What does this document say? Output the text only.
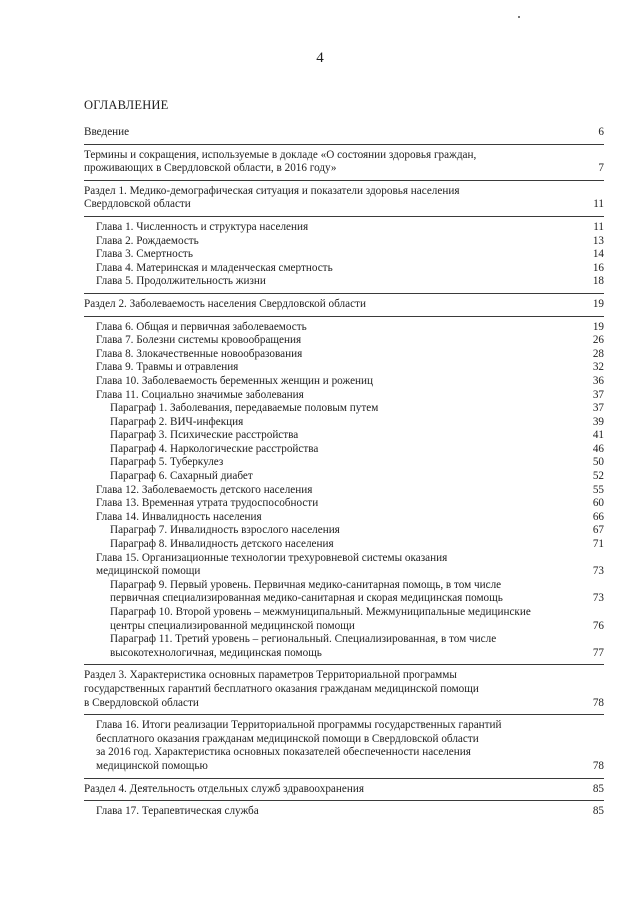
4
ОГЛАВЛЕНИЕ
Введение	6
Термины и сокращения, используемые в докладе «О состоянии здоровья граждан,
проживающих в Свердловской области, в 2016 году»	7
Раздел 1. Медико-демографическая ситуация и показатели здоровья населения
Свердловской области	11
Глава 1. Численность и структура населения	11
Глава 2. Рождаемость	13
Глава 3. Смертность	14
Глава 4. Материнская и младенческая смертность	16
Глава 5. Продолжительность жизни	18
Раздел 2. Заболеваемость населения Свердловской области	19
Глава 6. Общая и первичная заболеваемость	19
Глава 7. Болезни системы кровообращения	26
Глава 8. Злокачественные новообразования	28
Глава 9. Травмы и отравления	32
Глава 10. Заболеваемость беременных женщин и рожениц	36
Глава 11. Социально значимые заболевания	37
Параграф 1. Заболевания, передаваемые половым путем	37
Параграф 2. ВИЧ-инфекция	39
Параграф 3. Психические расстройства	41
Параграф 4. Наркологические расстройства	46
Параграф 5. Туберкулез	50
Параграф 6. Сахарный диабет	52
Глава 12. Заболеваемость детского населения	55
Глава 13. Временная утрата трудоспособности	60
Глава 14. Инвалидность населения	66
Параграф 7. Инвалидность взрослого населения	67
Параграф 8. Инвалидность детского населения	71
Глава 15. Организационные технологии трехуровневой системы оказания
медицинской помощи	73
Параграф 9. Первый уровень. Первичная медико-санитарная помощь, в том числе
первичная специализированная медико-санитарная и скорая медицинская помощь	73
Параграф 10. Второй уровень – межмуниципальный. Межмуниципальные медицинские
центры специализированной медицинской помощи	76
Параграф 11. Третий уровень – региональный. Специализированная, в том числе
высокотехнологичная, медицинская помощь	77
Раздел 3. Характеристика основных параметров Территориальной программы
государственных гарантий бесплатного оказания гражданам медицинской помощи
в Свердловской области	78
Глава 16. Итоги реализации Территориальной программы государственных гарантий
бесплатного оказания гражданам медицинской помощи в Свердловской области
за 2016 год. Характеристика основных показателей обеспеченности населения
медицинской помощью	78
Раздел 4. Деятельность отдельных служб здравоохранения	85
Глава 17. Терапевтическая служба	85
